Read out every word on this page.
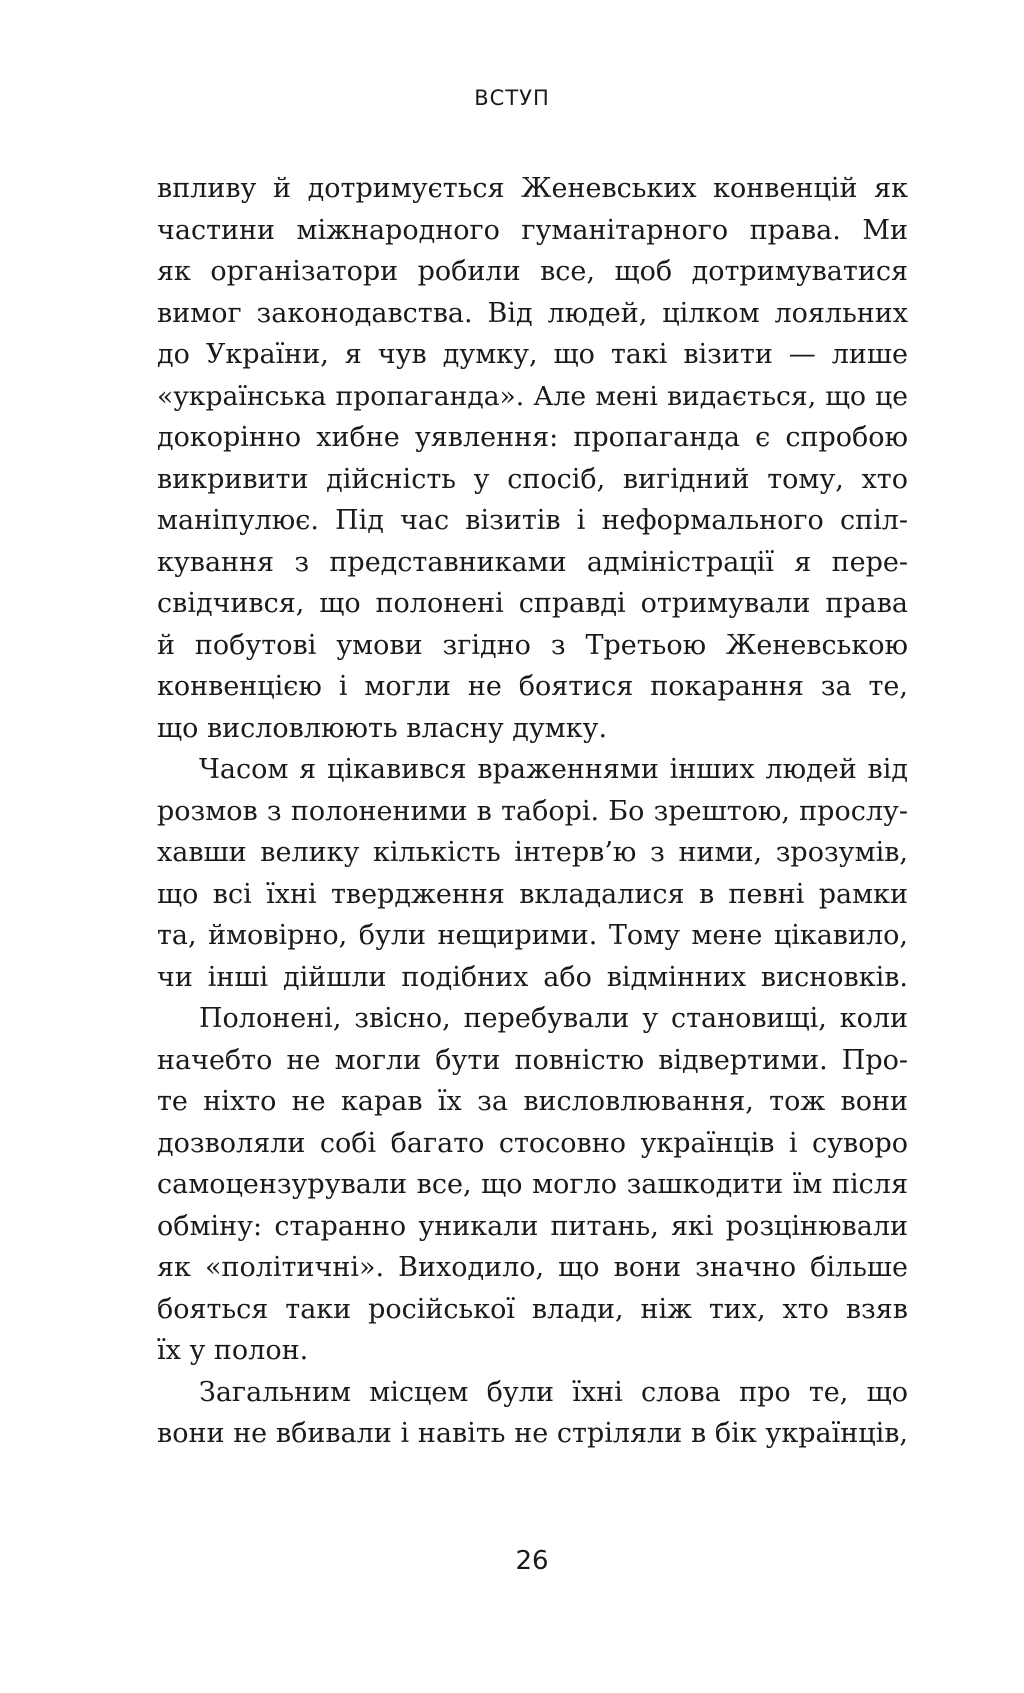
ВСТУП
впливу й дотримується Женевських конвенцій як
частини міжнародного гуманітарного права. Ми
як організатори робили все, щоб дотримуватися
вимог законодавства. Від людей, цілком лояльних
до України, я чув думку, що такі візити — лише
«українська пропаганда». Але мені видається, що це
докорінно хибне уявлення: пропаганда є спробою
викривити дійсність у спосіб, вигідний тому, хто
маніпулює. Під час візитів і неформального спіл-
кування з представниками адміністрації я пере-
свідчився, що полонені справді отримували права
й побутові умови згідно з Третьою Женевською
конвенцією і могли не боятися покарання за те,
що висловлюють власну думку.
Часом я цікавився враженнями інших людей від
розмов з полоненими в таборі. Бо зрештою, прослу-
хавши велику кількість інтерв’ю з ними, зрозумів,
що всі їхні твердження вкладалися в певні рамки
та, ймовірно, були нещирими. Тому мене цікавило,
чи інші дійшли подібних або відмінних висновків.
Полонені, звісно, перебували у становищі, коли
начебто не могли бути повністю відвертими. Про-
те ніхто не карав їх за висловлювання, тож вони
дозволяли собі багато стосовно українців і суворо
самоцензурували все, що могло зашкодити їм після
обміну: старанно уникали питань, які розцінювали
як «політичні». Виходило, що вони значно більше
бояться таки російської влади, ніж тих, хто взяв
їх у полон.
Загальним місцем були їхні слова про те, що
вони не вбивали і навіть не стріляли в бік українців,
26
